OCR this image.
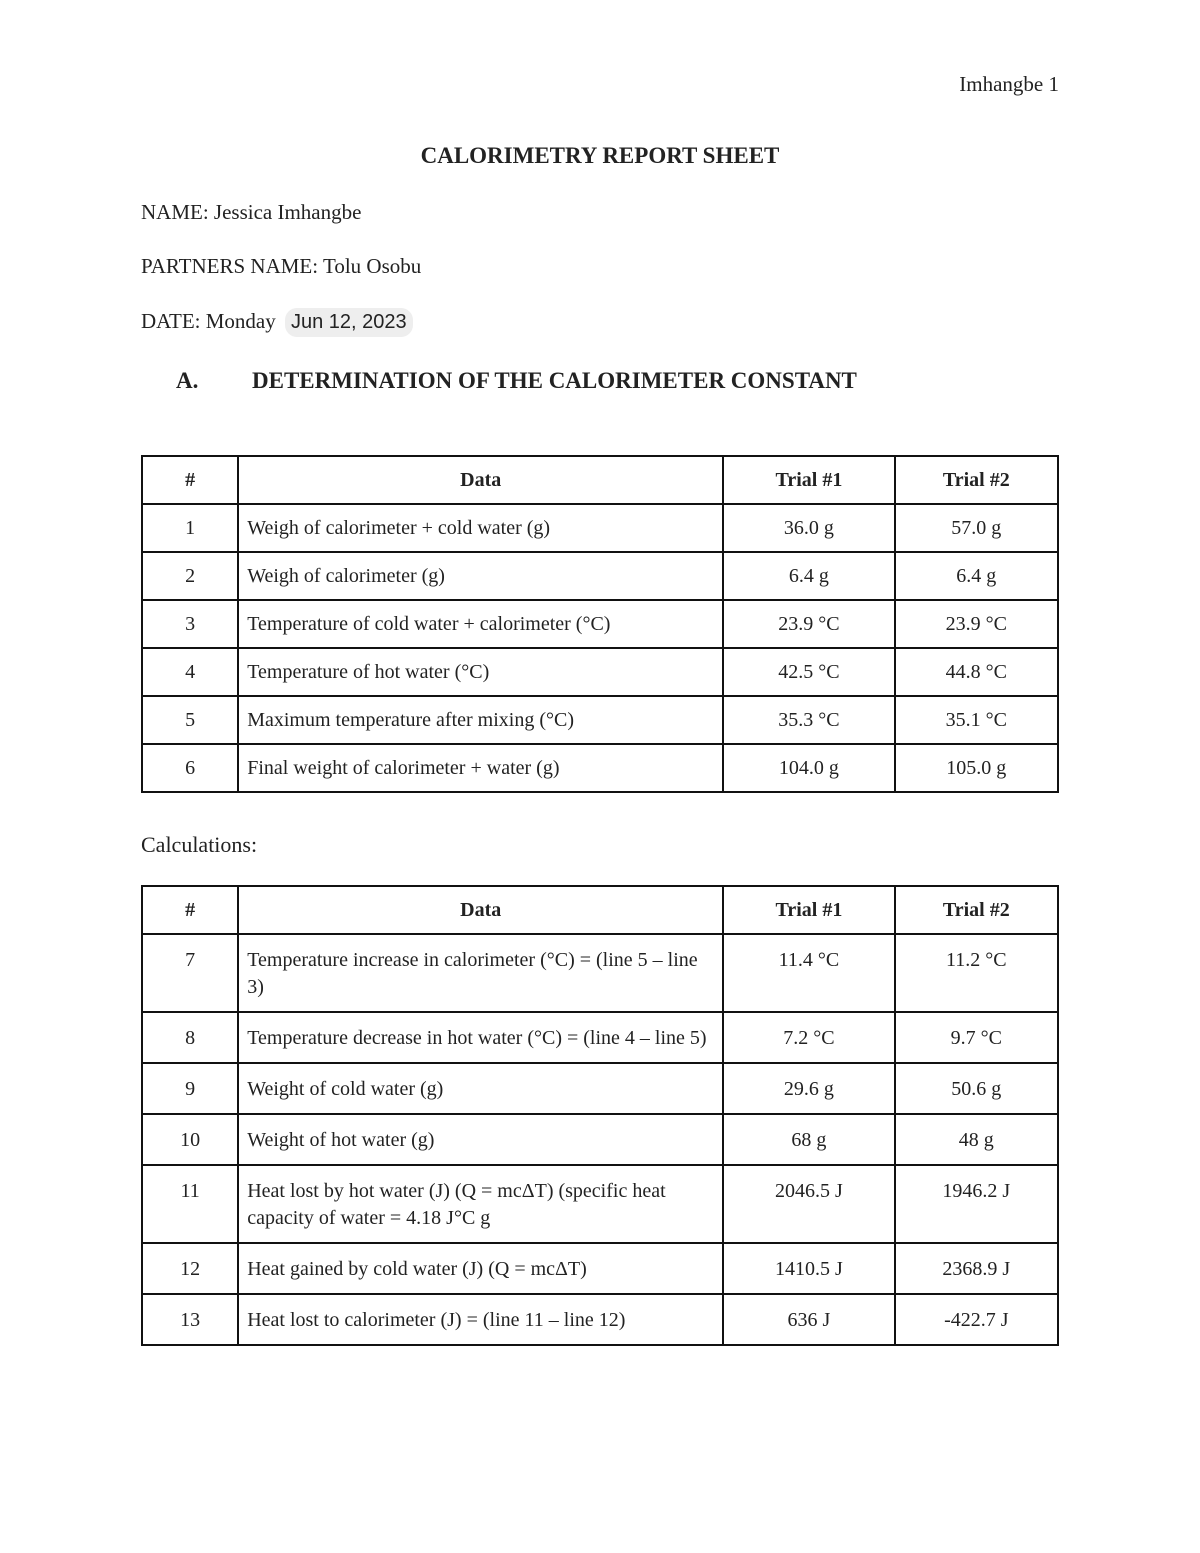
Imhangbe 1
CALORIMETRY REPORT SHEET
NAME: Jessica Imhangbe
PARTNERS NAME: Tolu Osobu
DATE: Monday Jun 12, 2023
A. DETERMINATION OF THE CALORIMETER CONSTANT
#	Data	Trial #1	Trial #2
1	Weigh of calorimeter + cold water (g)	36.0 g	57.0 g
2	Weigh of calorimeter (g)	6.4 g	6.4 g
3	Temperature of cold water + calorimeter (°C)	23.9 °C	23.9 °C
4	Temperature of hot water (°C)	42.5 °C	44.8 °C
5	Maximum temperature after mixing (°C)	35.3 °C	35.1 °C
6	Final weight of calorimeter + water (g)	104.0 g	105.0 g
Calculations:
#	Data	Trial #1	Trial #2
7	Temperature increase in calorimeter (°C) = (line 5 – line 3)	11.4 °C	11.2 °C
8	Temperature decrease in hot water (°C) = (line 4 – line 5)	7.2 °C	9.7 °C
9	Weight of cold water (g)	29.6 g	50.6 g
10	Weight of hot water (g)	68 g	48 g
11	Heat lost by hot water (J) (Q = mcΔT) (specific heat capacity of water = 4.18 J°C g	2046.5 J	1946.2 J
12	Heat gained by cold water (J) (Q = mcΔT)	1410.5 J	2368.9 J
13	Heat lost to calorimeter (J) = (line 11 – line 12)	636 J	-422.7 J
